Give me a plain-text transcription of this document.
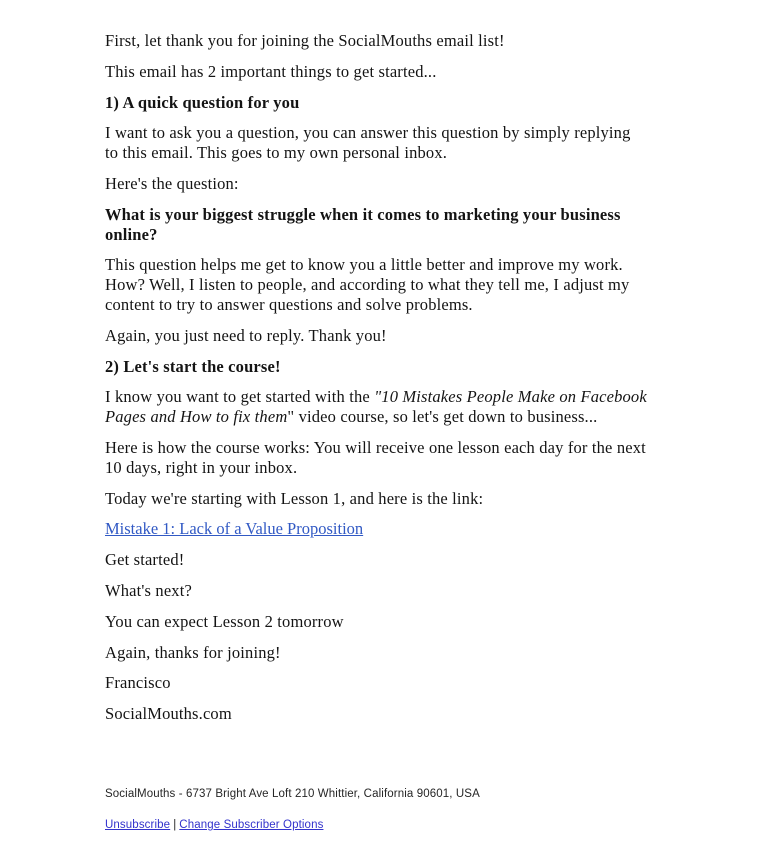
First, let thank you for joining the SocialMouths email list!

This email has 2 important things to get started...

1) A quick question for you

I want to ask you a question, you can answer this question by simply replying to this email. This goes to my own personal inbox.

Here's the question:

What is your biggest struggle when it comes to marketing your business online?

This question helps me get to know you a little better and improve my work. How? Well, I listen to people, and according to what they tell me, I adjust my content to try to answer questions and solve problems.

Again, you just need to reply. Thank you!

2) Let's start the course!

I know you want to get started with the "10 Mistakes People Make on Facebook Pages and How to fix them" video course, so let's get down to business...

Here is how the course works: You will receive one lesson each day for the next 10 days, right in your inbox.

Today we're starting with Lesson 1, and here is the link:

Mistake 1: Lack of a Value Proposition

Get started!

What's next?

You can expect Lesson 2 tomorrow

Again, thanks for joining!

Francisco

SocialMouths.com

SocialMouths - 6737 Bright Ave Loft 210 Whittier, California 90601, USA

Unsubscribe | Change Subscriber Options
